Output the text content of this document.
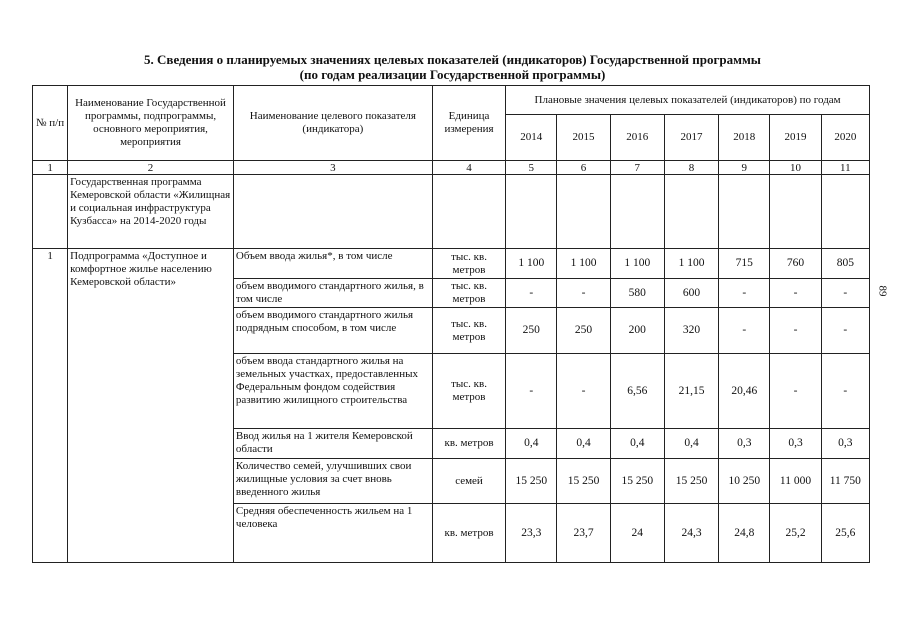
5. Сведения о планируемых значениях целевых показателей (индикаторов) Государственной программы
(по годам реализации Государственной программы)
89
№ п/п	Наименование Государственной программы, подпрограммы, основного мероприятия, мероприятия	Наименование целевого показателя (индикатора)	Единица измерения	Плановые значения целевых показателей (индикаторов) по годам						
				2014	2015	2016	2017	2018	2019	2020
1	2	3	4	5	6	7	8	9	10	11
	Государственная программа Кемеровской области «Жилищная и социальная инфраструктура Кузбасса» на 2014-2020 годы									
1	Подпрограмма «Доступное и комфортное жилье населению Кемеровской области»	Объем ввода жилья*, в том числе	тыс. кв. метров	1 100	1 100	1 100	1 100	715	760	805
		объем вводимого стандартного жилья, в том числе	тыс. кв. метров	-	-	580	600	-	-	-
		объем вводимого стандартного жилья подрядным способом, в том числе	тыс. кв. метров	250	250	200	320	-	-	-
		объем ввода стандартного жилья на земельных участках, предоставленных Федеральным фондом содействия развитию жилищного строительства	тыс. кв. метров	-	-	6,56	21,15	20,46	-	-
		Ввод жилья на 1 жителя Кемеровской области	кв. метров	0,4	0,4	0,4	0,4	0,3	0,3	0,3
		Количество семей, улучшивших свои жилищные условия за счет вновь введенного жилья	семей	15 250	15 250	15 250	15 250	10 250	11 000	11 750
		Средняя обеспеченность жильем на 1 человека	кв. метров	23,3	23,7	24	24,3	24,8	25,2	25,6
